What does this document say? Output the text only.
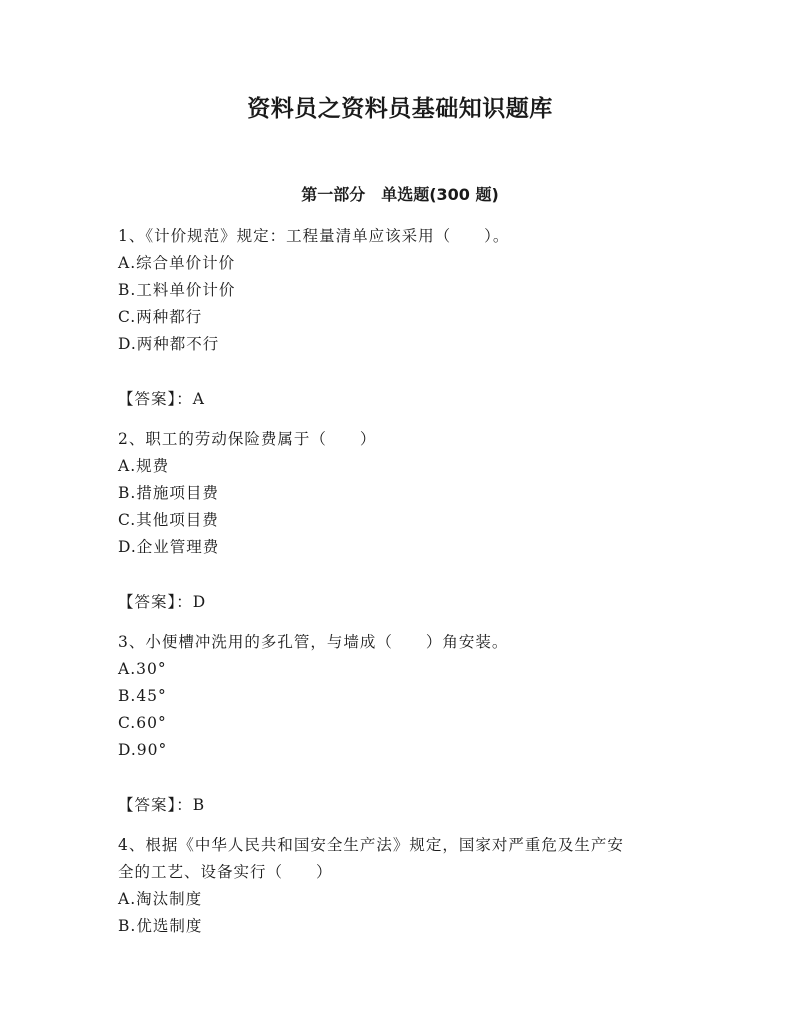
资料员之资料员基础知识题库
第一部分　单选题(300 题)
1、《计价规范》规定：工程量清单应该采用（　　）。
A.综合单价计价
B.工料单价计价
C.两种都行
D.两种都不行
【答案】：A
2、职工的劳动保险费属于（　　）
A.规费
B.措施项目费
C.其他项目费
D.企业管理费
【答案】：D
3、小便槽冲洗用的多孔管，与墙成（　　）角安装。
A.30°
B.45°
C.60°
D.90°
【答案】：B
4、根据《中华人民共和国安全生产法》规定，国家对严重危及生产安
全的工艺、设备实行（　　）
A.淘汰制度
B.优选制度
